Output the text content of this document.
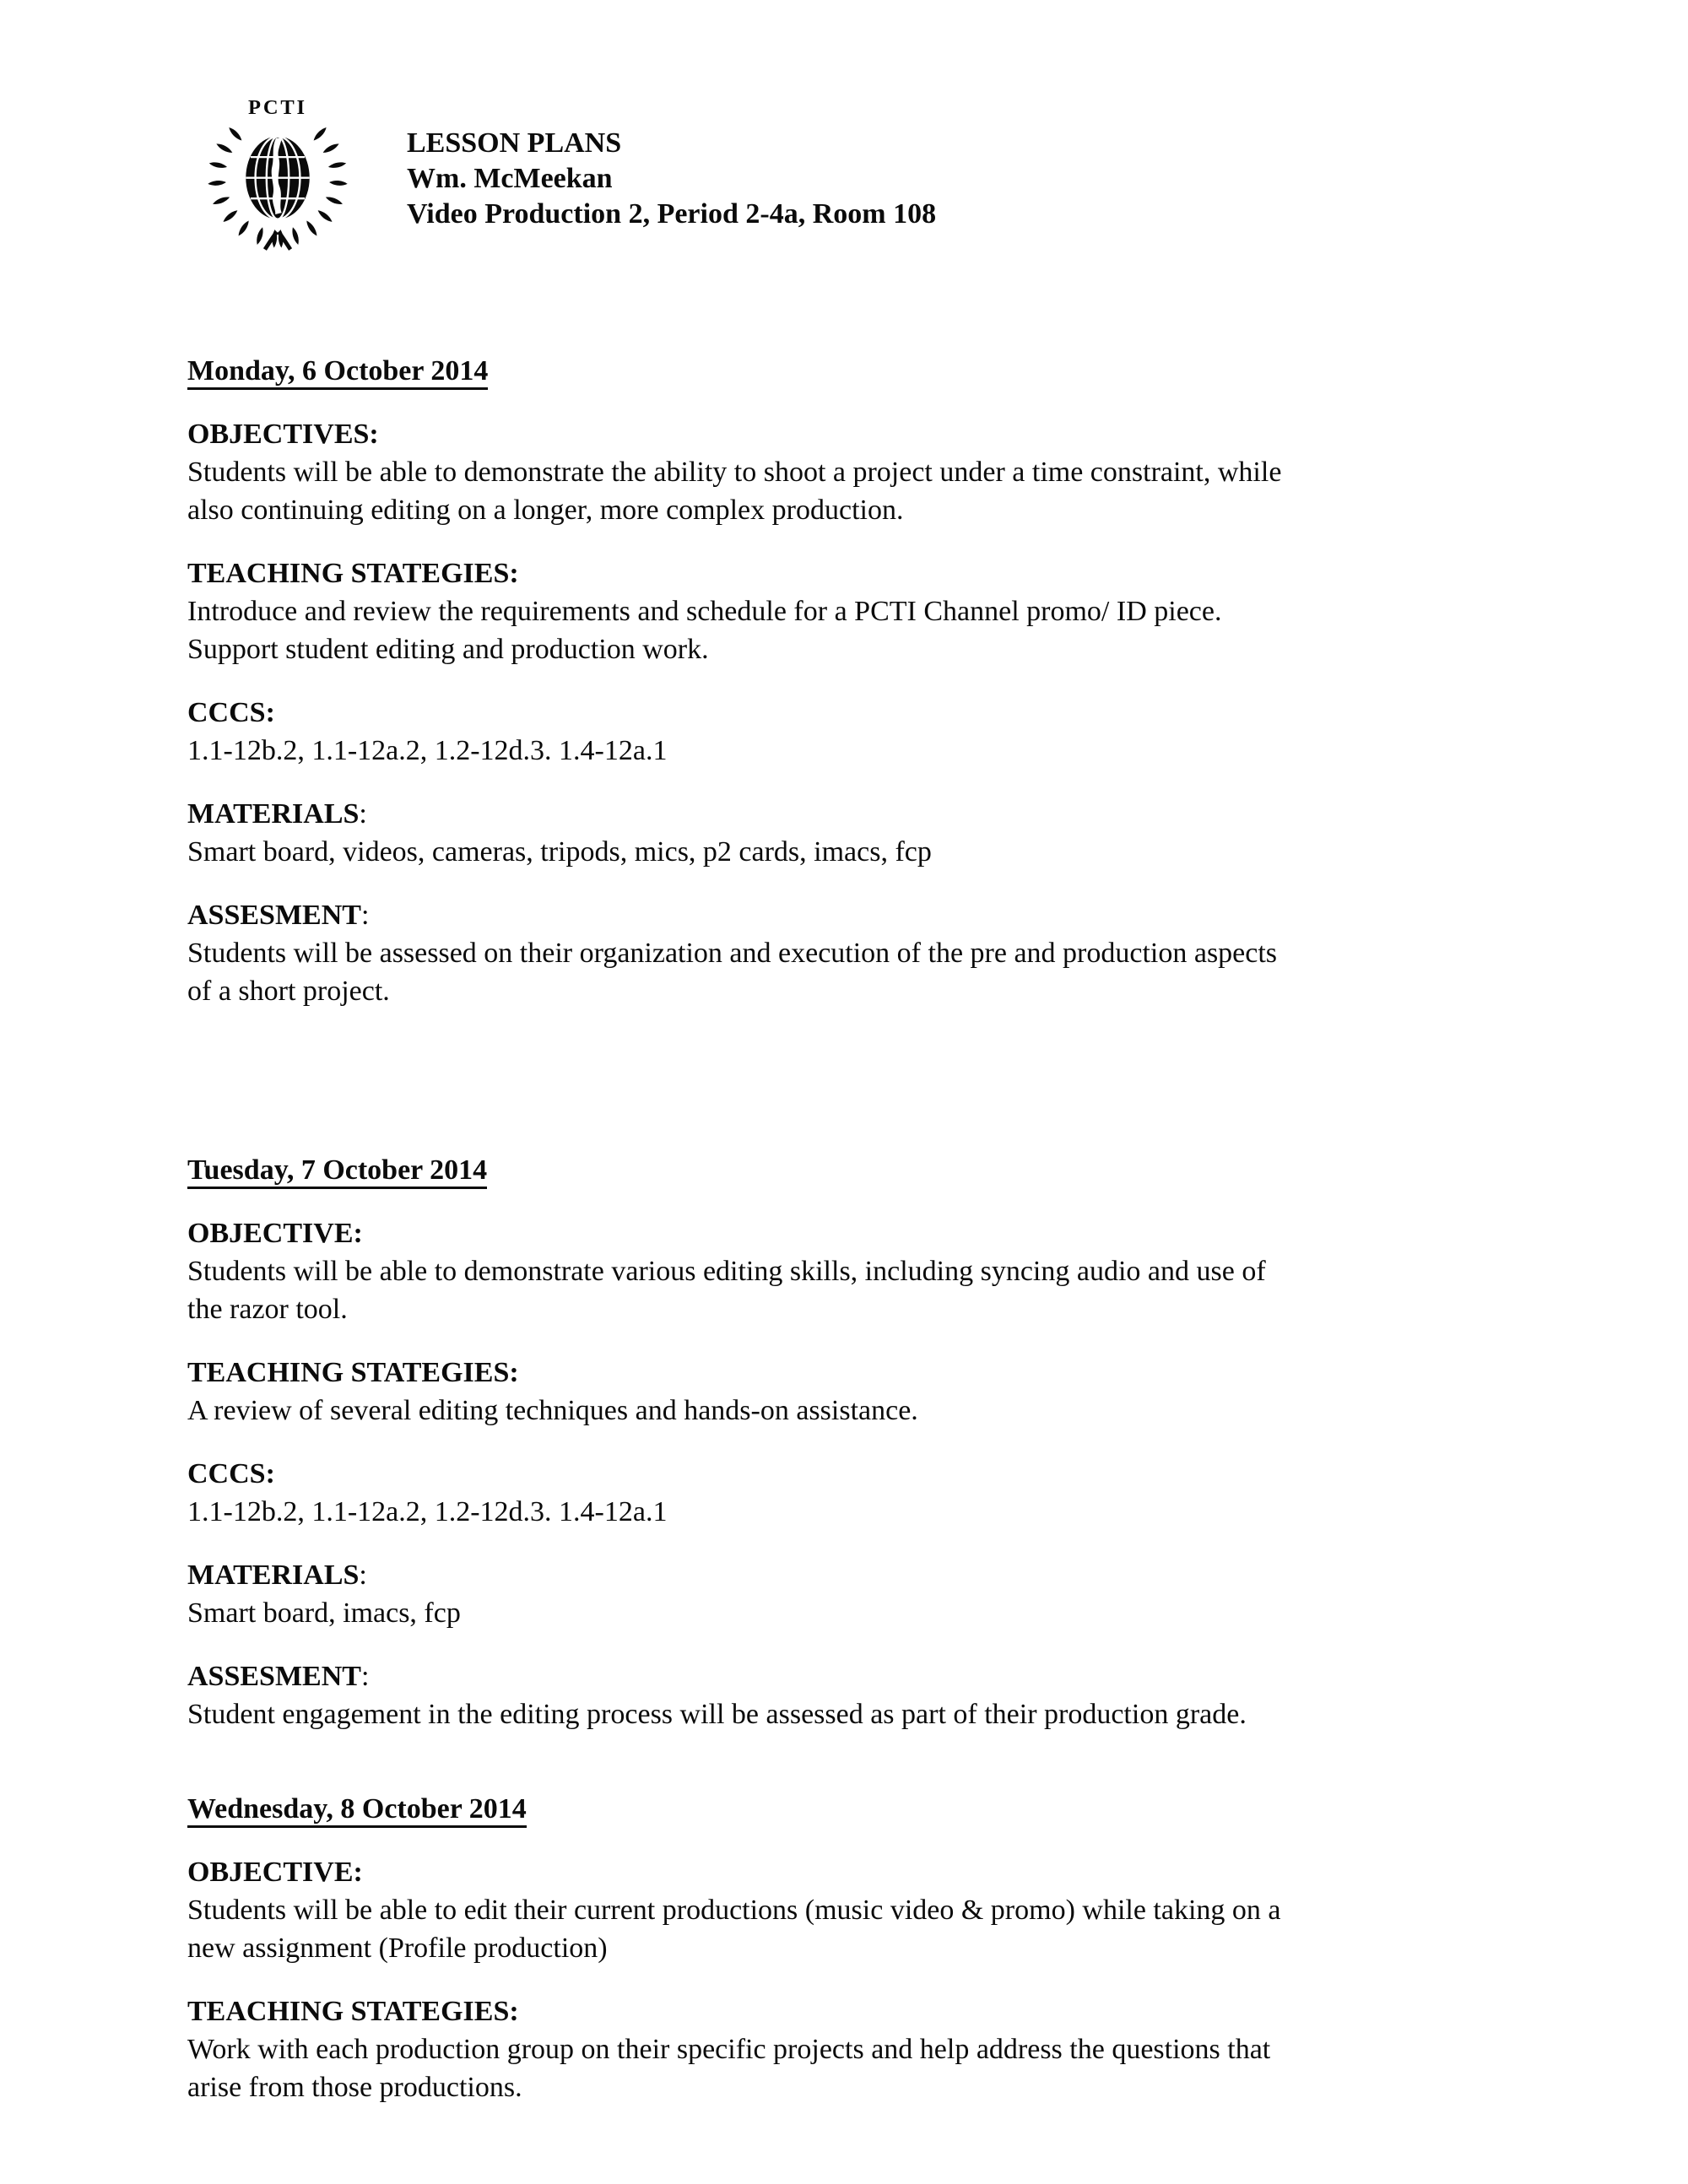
PCTI
LESSON PLANS
Wm. McMeekan
Video Production 2, Period 2-4a, Room 108
Monday, 6 October 2014
OBJECTIVES:
Students will be able to demonstrate the ability to shoot a project under a time constraint, while
also continuing editing on a longer, more complex production.
TEACHING STATEGIES:
Introduce and review the requirements and schedule for a PCTI Channel promo/ ID piece.
Support student editing and production work.
CCCS:
1.1-12b.2, 1.1-12a.2, 1.2-12d.3. 1.4-12a.1
MATERIALS:
Smart board, videos, cameras, tripods, mics, p2 cards, imacs, fcp
ASSESMENT:
Students will be assessed on their organization and execution of the pre and production aspects
of a short project.
Tuesday, 7 October 2014
OBJECTIVE:
Students will be able to demonstrate various editing skills, including syncing audio and use of
the razor tool.
TEACHING STATEGIES:
A review of several editing techniques and hands-on assistance.
CCCS:
1.1-12b.2, 1.1-12a.2, 1.2-12d.3. 1.4-12a.1
MATERIALS:
Smart board, imacs, fcp
ASSESMENT:
Student engagement in the editing process will be assessed as part of their production grade.
Wednesday, 8 October 2014
OBJECTIVE:
Students will be able to edit their current productions (music video & promo) while taking on a
new assignment (Profile production)
TEACHING STATEGIES:
Work with each production group on their specific projects and help address the questions that
arise from those productions.
